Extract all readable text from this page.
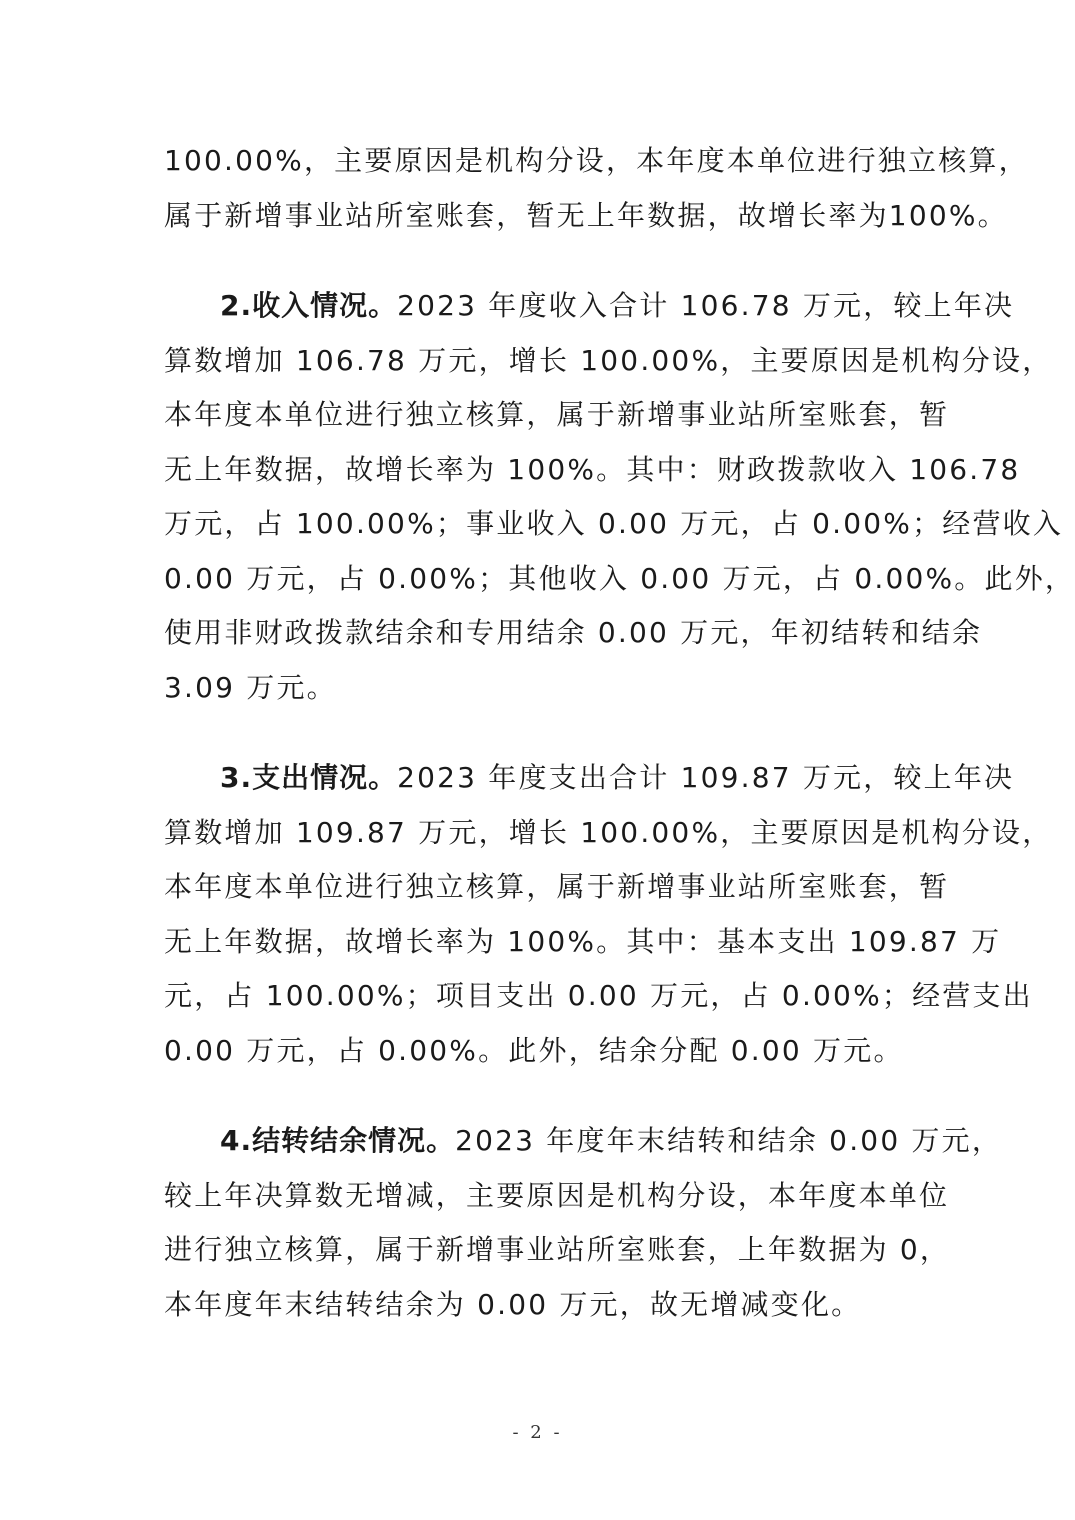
100.00%，主要原因是机构分设，本年度本单位进行独立核算，
属于新增事业站所室账套，暂无上年数据，故增长率为100%。
2.收入情况。2023 年度收入合计 106.78 万元，较上年决
算数增加 106.78 万元，增长 100.00%，主要原因是机构分设，
本年度本单位进行独立核算，属于新增事业站所室账套，暂
无上年数据，故增长率为 100%。其中：财政拨款收入 106.78
万元，占 100.00%；事业收入 0.00 万元，占 0.00%；经营收入
0.00 万元，占 0.00%；其他收入 0.00 万元，占 0.00%。此外，
使用非财政拨款结余和专用结余 0.00 万元，年初结转和结余
3.09 万元。
3.支出情况。2023 年度支出合计 109.87 万元，较上年决
算数增加 109.87 万元，增长 100.00%，主要原因是机构分设，
本年度本单位进行独立核算，属于新增事业站所室账套，暂
无上年数据，故增长率为 100%。其中：基本支出 109.87 万
元，占 100.00%；项目支出 0.00 万元，占 0.00%；经营支出
0.00 万元，占 0.00%。此外，结余分配 0.00 万元。
4.结转结余情况。2023 年度年末结转和结余 0.00 万元，
较上年决算数无增减，主要原因是机构分设，本年度本单位
进行独立核算，属于新增事业站所室账套，上年数据为 0，
本年度年末结转结余为 0.00 万元，故无增减变化。
- 2 -
